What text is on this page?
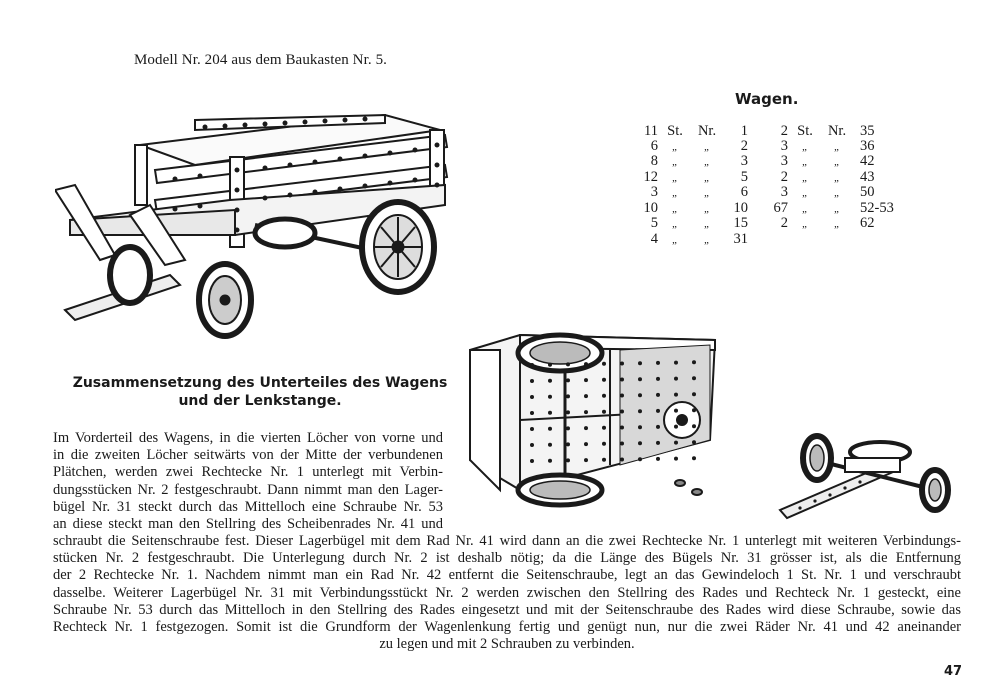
Modell Nr. 204 aus dem Baukasten Nr. 5.
Wagen.
11	St.	Nr.	1		2	St.	Nr.	35
6	„	„	2		3	„	„	36
8	„	„	3		3	„	„	42
12	„	„	5		2	„	„	43
3	„	„	6		3	„	„	50
10	„	„	10		67	„	„	52-53
5	„	„	15		2	„	„	62
4	„	„	31					
Zusammensetzung des Unterteiles des Wagens
und der Lenkstange.
Im Vorderteil des Wagens, in die vierten Löcher von vorne und
in die zweiten Löcher seitwärts von der Mitte der verbundenen
Plätchen, werden zwei Rechtecke Nr. 1 unterlegt mit Verbin-
dungsstücken Nr. 2 festgeschraubt. Dann nimmt man den Lager-
bügel Nr. 31 steckt durch das Mittelloch eine Schraube Nr. 53
an diese steckt man den Stellring des Scheibenrades Nr. 41 und
schraubt die Seitenschraube fest. Dieser Lagerbügel mit dem Rad Nr. 41 wird dann an die zwei Rechtecke Nr. 1 unterlegt mit weiteren Verbindungs-
stücken Nr. 2 festgeschraubt. Die Unterlegung durch Nr. 2 ist deshalb nötig; da die Länge des Bügels Nr. 31 grösser ist, als die Entfernung
der 2 Rechtecke Nr. 1. Nachdem nimmt man ein Rad Nr. 42 entfernt die Seitenschraube, legt an das Gewindeloch 1 St. Nr. 1 und verschraubt
dasselbe. Weiterer Lagerbügel Nr. 31 mit Verbindungsstückt Nr. 2 werden zwischen den Stellring des Rades und Rechteck Nr. 1 gesteckt, eine
Schraube Nr. 53 durch das Mittelloch in den Stellring des Rades eingesetzt und mit der Seitenschraube des Rades wird diese Schraube, sowie das
Rechteck Nr. 1 festgezogen. Somit ist die Grundform der Wagenlenkung fertig und genügt nun, nur die zwei Räder Nr. 41 und 42 aneinander
zu legen und mit 2 Schrauben zu verbinden.
47
